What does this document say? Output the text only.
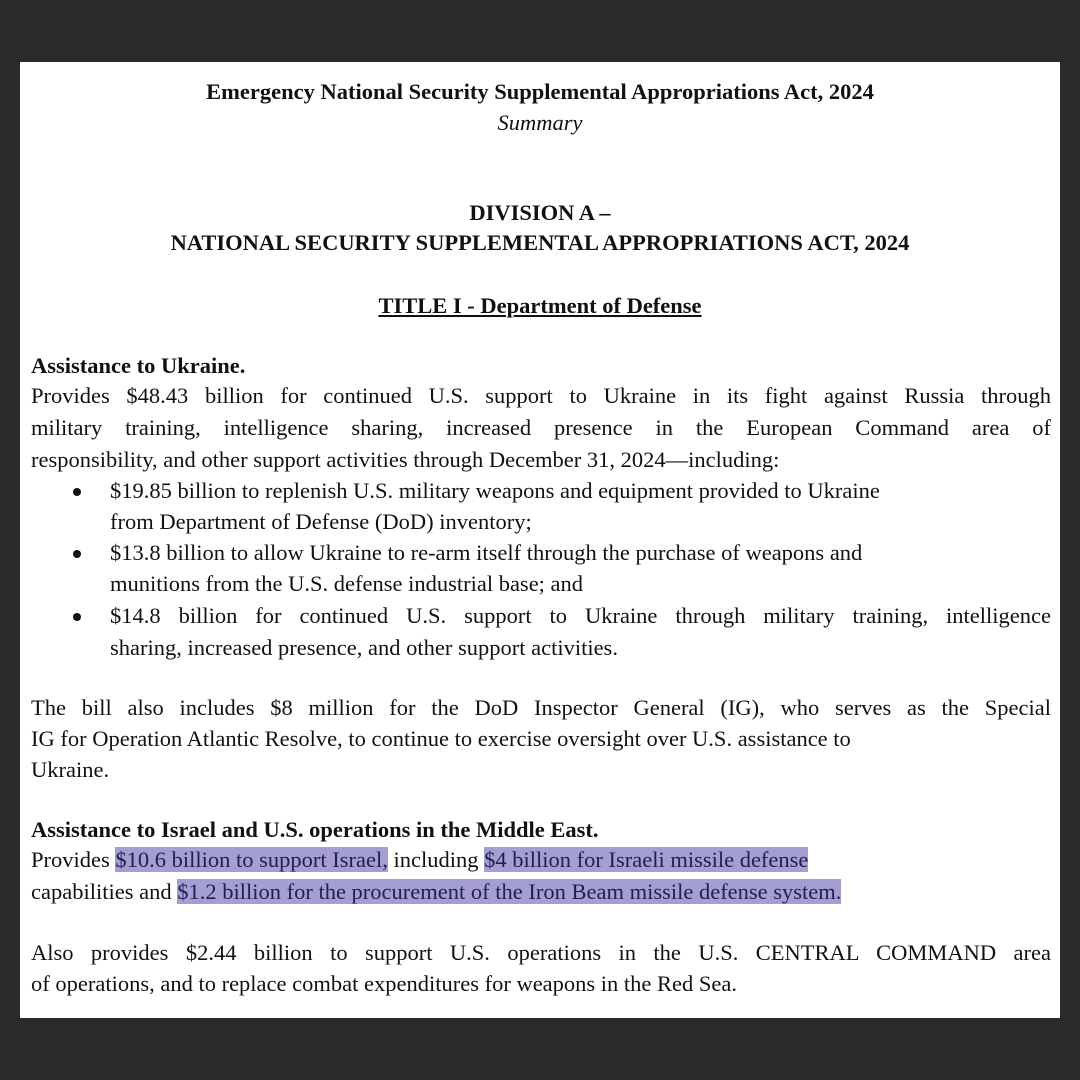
Emergency National Security Supplemental Appropriations Act, 2024
Summary
DIVISION A –
NATIONAL SECURITY SUPPLEMENTAL APPROPRIATIONS ACT, 2024
TITLE I - Department of Defense
Assistance to Ukraine.
Provides $48.43 billion for continued U.S. support to Ukraine in its fight against Russia through
military training, intelligence sharing, increased presence in the European Command area of
responsibility, and other support activities through December 31, 2024—including:
$19.85 billion to replenish U.S. military weapons and equipment provided to Ukraine
from Department of Defense (DoD) inventory;
$13.8 billion to allow Ukraine to re-arm itself through the purchase of weapons and
munitions from the U.S. defense industrial base; and
$14.8 billion for continued U.S. support to Ukraine through military training, intelligence
sharing, increased presence, and other support activities.
The bill also includes $8 million for the DoD Inspector General (IG), who serves as the Special
IG for Operation Atlantic Resolve, to continue to exercise oversight over U.S. assistance to
Ukraine.
Assistance to Israel and U.S. operations in the Middle East.
Provides $10.6 billion to support Israel, including $4 billion for Israeli missile defense
capabilities and $1.2 billion for the procurement of the Iron Beam missile defense system.
Also provides $2.44 billion to support U.S. operations in the U.S. CENTRAL COMMAND area
of operations, and to replace combat expenditures for weapons in the Red Sea.
